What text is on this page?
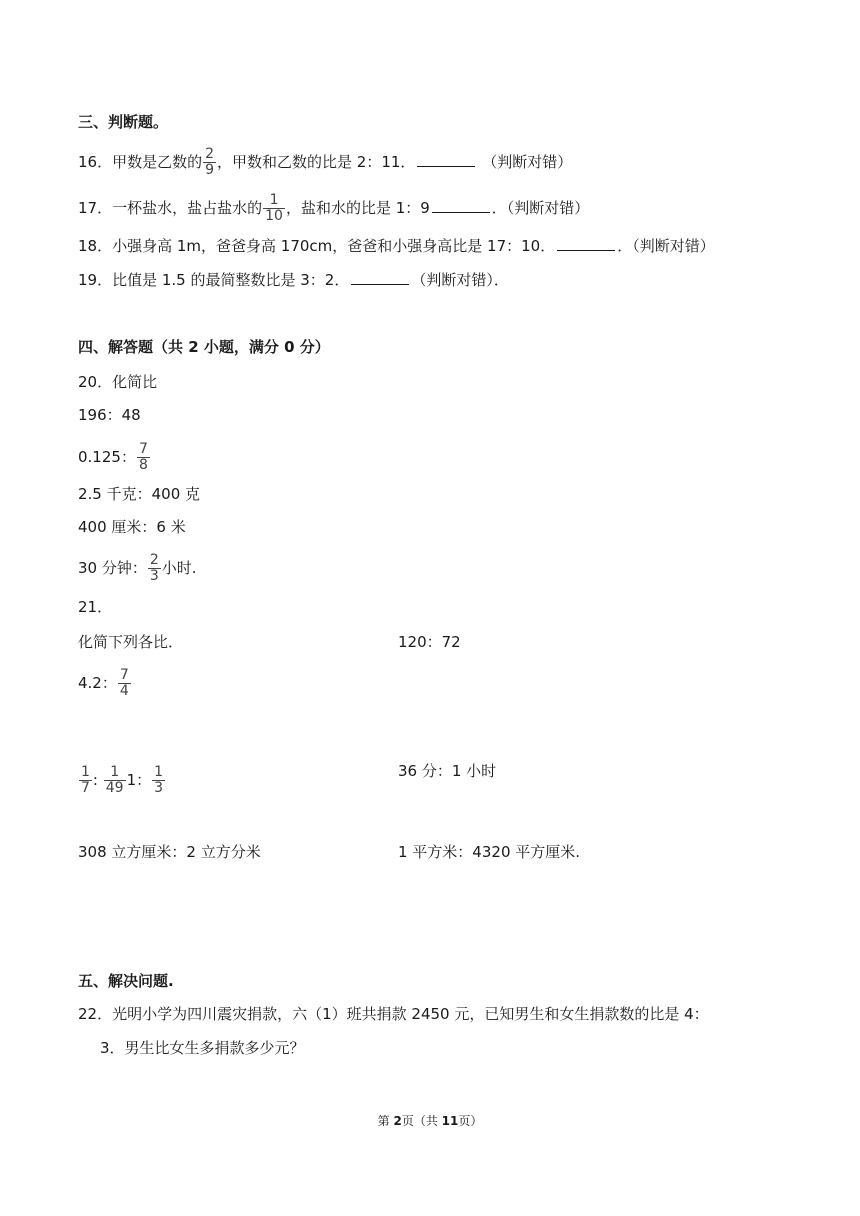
三、判断题。
16．甲数是乙数的 $\frac{2}{9}$ ，甲数和乙数的比是 2：11．	（判断对错）
17．一杯盐水，盐占盐水的 $\frac{1}{10}$ ，盐和水的比是 1：9	．（判断对错）
18．小强身高 1m，爸爸身高 170cm，爸爸和小强身高比是 17：10．	．（判断对错）
19．比值是 1.5 的最简整数比是 3：2．	（判断对错）．
四、解答题（共 2 小题，满分 0 分）
20．化简比
196：48
0.125： $\frac{7}{8}$
2.5 千克：400 克
400 厘米：6 米
30 分钟： $\frac{2}{3}$ 小时.
21．
化简下列各比．	120：72
4.2： $\frac{7}{4}$
$\frac{1}{7}$ : $\frac{1}{49} 1$： $\frac{1}{3}$	36 分：1 小时
308 立方厘米：2 立方分米	1 平方米：4320 平方厘米.
五、解决问题.
22．光明小学为四川震灾捐款，六（1）班共捐款 2450 元，已知男生和女生捐款数的比是 4：
3．男生比女生多捐款多少元？
第 2页（共 11页）
